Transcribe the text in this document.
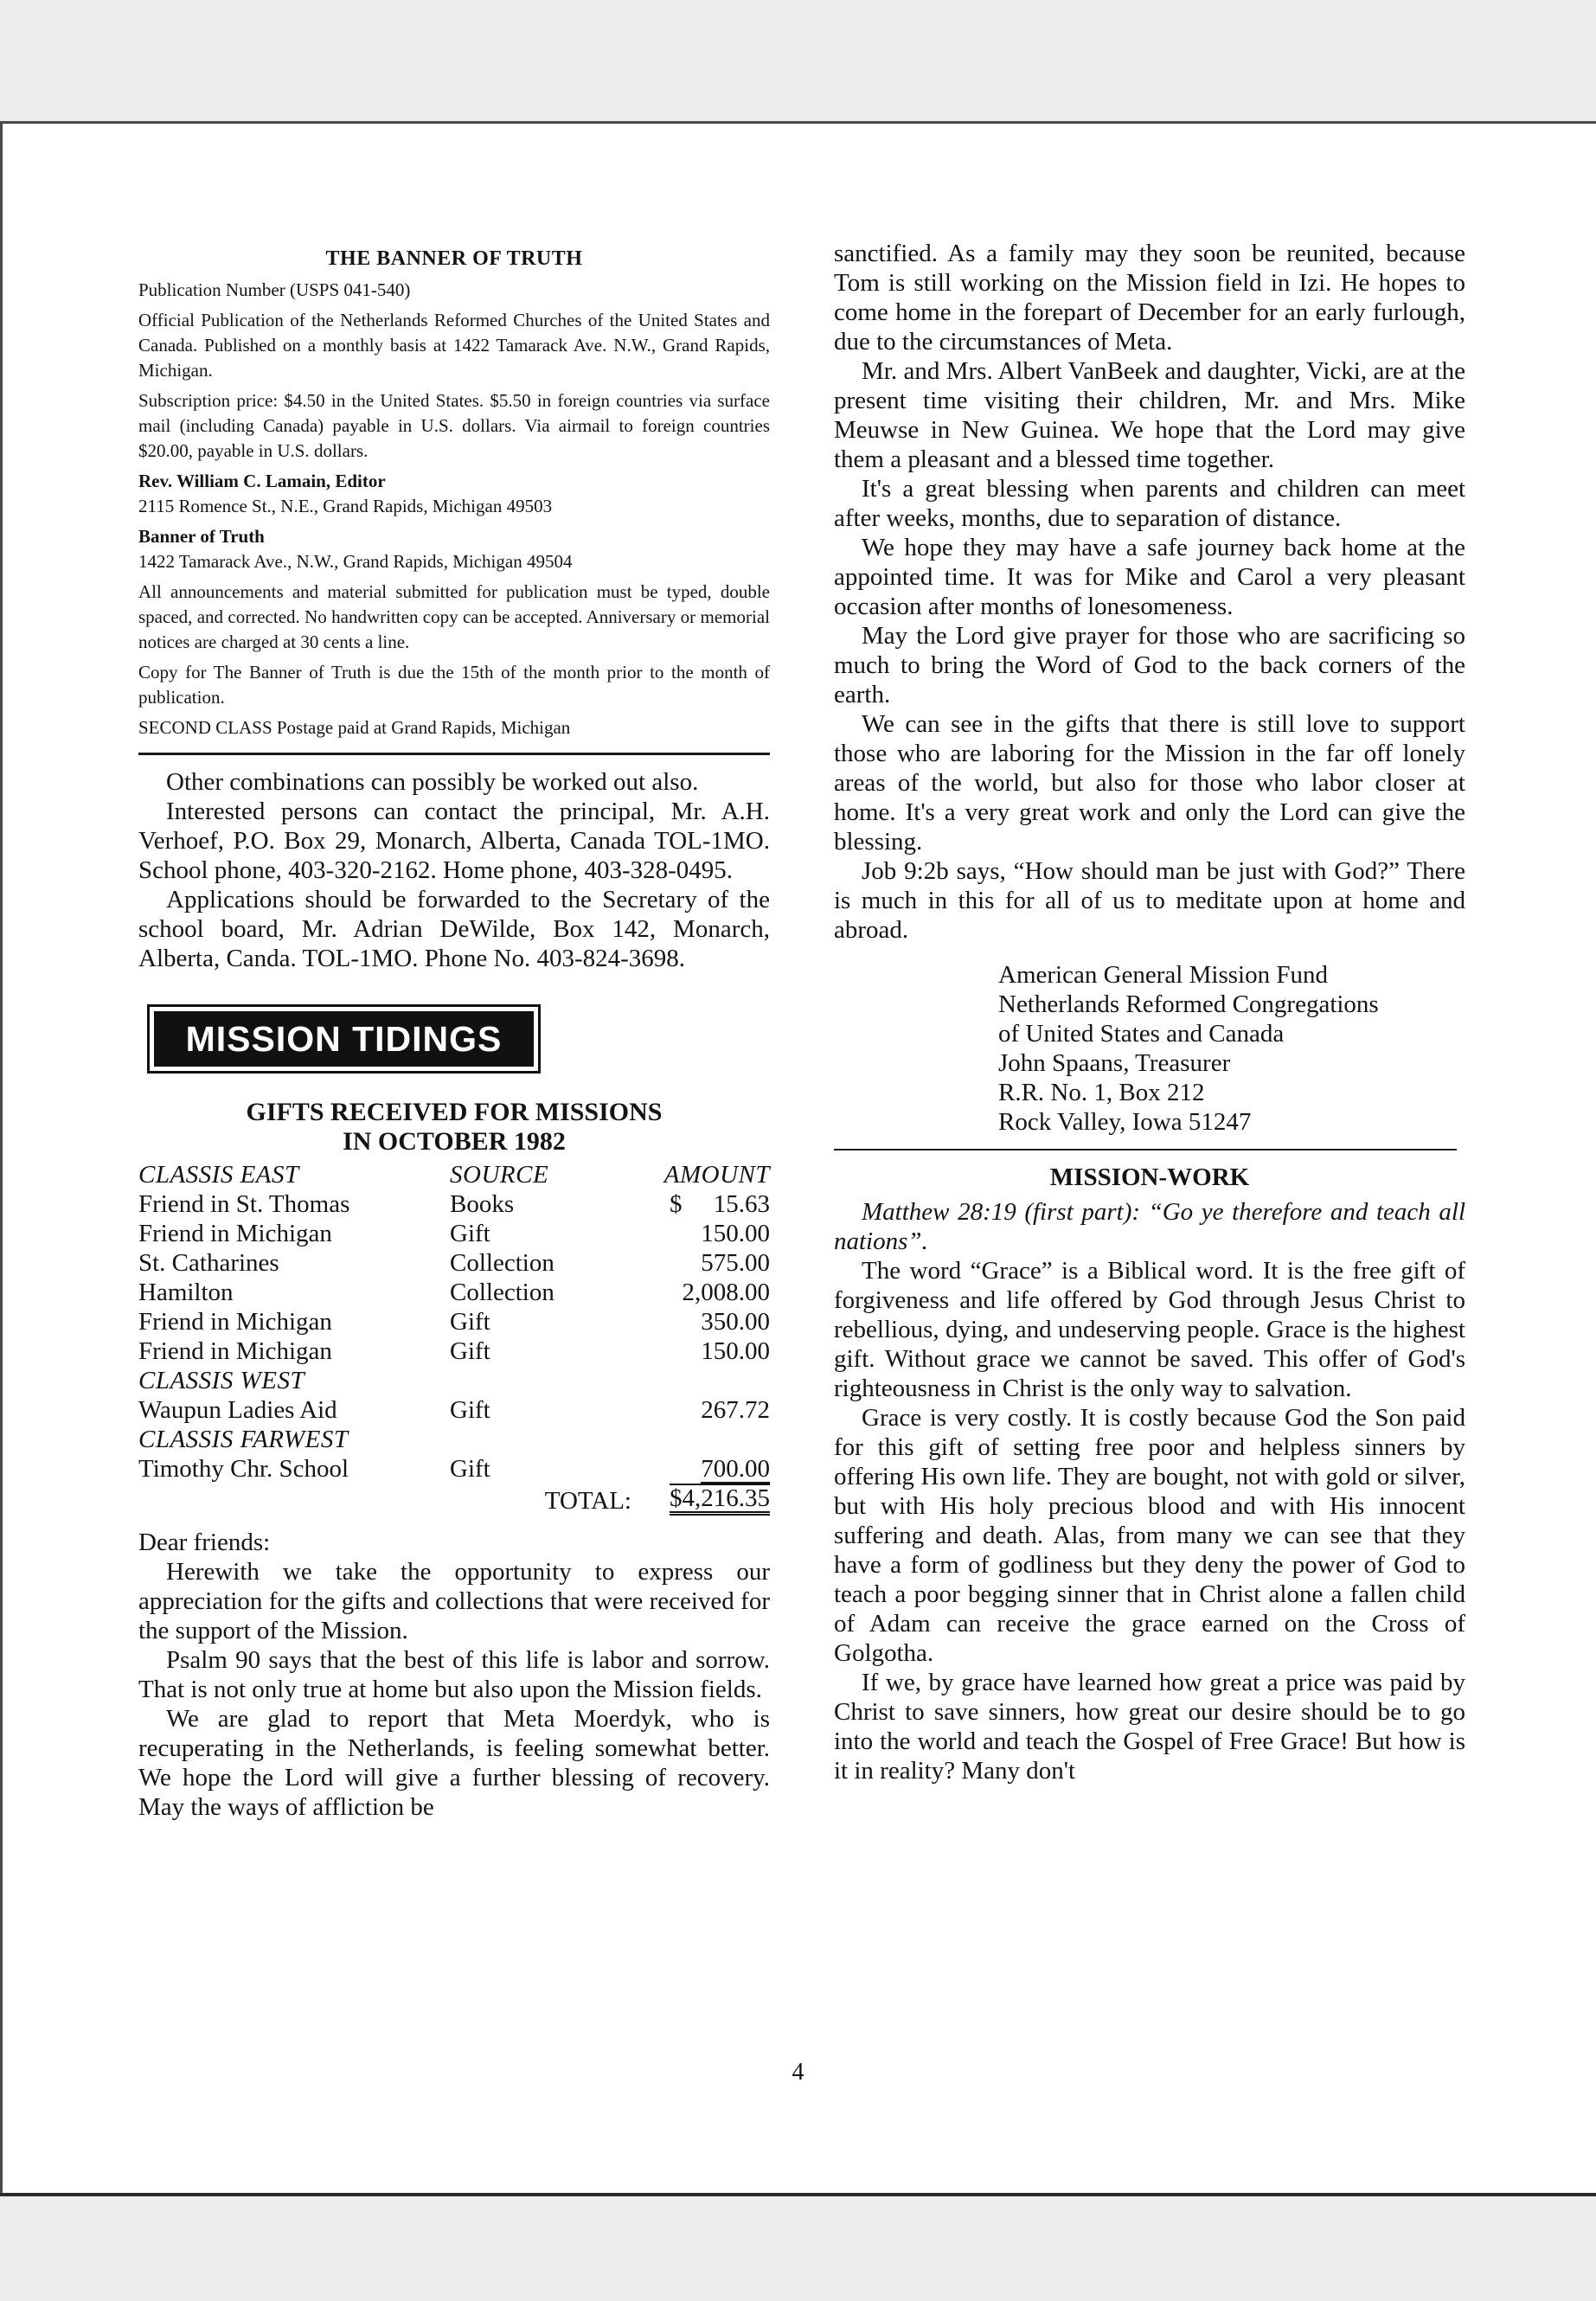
THE BANNER OF TRUTH

Publication Number (USPS 041-540)

Official Publication of the Netherlands Reformed Churches of the United States and Canada. Published on a monthly basis at 1422 Tamarack Ave. N.W., Grand Rapids, Michigan.

Subscription price: $4.50 in the United States. $5.50 in foreign countries via surface mail (including Canada) payable in U.S. dollars. Via airmail to foreign countries $20.00, payable in U.S. dollars.

Rev. William C. Lamain, Editor

2115 Romence St., N.E., Grand Rapids, Michigan 49503

Banner of Truth

1422 Tamarack Ave., N.W., Grand Rapids, Michigan 49504

All announcements and material submitted for publication must be typed, double spaced, and corrected. No handwritten copy can be accepted. Anniversary or memorial notices are charged at 30 cents a line.

Copy for The Banner of Truth is due the 15th of the month prior to the month of publication.

SECOND CLASS Postage paid at Grand Rapids, Michigan

Other combinations can possibly be worked out also.

Interested persons can contact the principal, Mr. A.H. Verhoef, P.O. Box 29, Monarch, Alberta, Canada TOL-1MO. School phone, 403-320-2162. Home phone, 403-328-0495.

Applications should be forwarded to the Secretary of the school board, Mr. Adrian DeWilde, Box 142, Monarch, Alberta, Canda. TOL-1MO. Phone No. 403-824-3698.

MISSION TIDINGS
GIFTS RECEIVED FOR MISSIONS
IN OCTOBER 1982
CLASSIS EAST	SOURCE	AMOUNT
Friend in St. Thomas	Books	$ 15.63
Friend in Michigan	Gift	150.00
St. Catharines	Collection	575.00
Hamilton	Collection	2,008.00
Friend in Michigan	Gift	350.00
Friend in Michigan	Gift	150.00
CLASSIS WEST		
Waupun Ladies Aid	Gift	267.72
CLASSIS FARWEST		
Timothy Chr. School	Gift	700.00
	TOTAL:	$4,216.35

Dear friends:

Herewith we take the opportunity to express our appreciation for the gifts and collections that were received for the support of the Mission.

Psalm 90 says that the best of this life is labor and sorrow. That is not only true at home but also upon the Mission fields.

We are glad to report that Meta Moerdyk, who is recuperating in the Netherlands, is feeling somewhat better. We hope the Lord will give a further blessing of recovery. May the ways of affliction be

sanctified. As a family may they soon be reunited, because Tom is still working on the Mission field in Izi. He hopes to come home in the forepart of December for an early furlough, due to the circumstances of Meta.

Mr. and Mrs. Albert VanBeek and daughter, Vicki, are at the present time visiting their children, Mr. and Mrs. Mike Meuwse in New Guinea. We hope that the Lord may give them a pleasant and a blessed time together.

It's a great blessing when parents and children can meet after weeks, months, due to separation of distance.

We hope they may have a safe journey back home at the appointed time. It was for Mike and Carol a very pleasant occasion after months of lonesomeness.

May the Lord give prayer for those who are sacrificing so much to bring the Word of God to the back corners of the earth.

We can see in the gifts that there is still love to support those who are laboring for the Mission in the far off lonely areas of the world, but also for those who labor closer at home. It's a very great work and only the Lord can give the blessing.

Job 9:2b says, “How should man be just with God?” There is much in this for all of us to meditate upon at home and abroad.

American General Mission Fund
Netherlands Reformed Congregations
of United States and Canada
John Spaans, Treasurer
R.R. No. 1, Box 212
Rock Valley, Iowa 51247
MISSION-WORK

Matthew 28:19 (first part): “Go ye therefore and teach all nations”.

The word “Grace” is a Biblical word. It is the free gift of forgiveness and life offered by God through Jesus Christ to rebellious, dying, and undeserving people. Grace is the highest gift. Without grace we cannot be saved. This offer of God's righteousness in Christ is the only way to salvation.

Grace is very costly. It is costly because God the Son paid for this gift of setting free poor and helpless sinners by offering His own life. They are bought, not with gold or silver, but with His holy precious blood and with His innocent suffering and death. Alas, from many we can see that they have a form of godliness but they deny the power of God to teach a poor begging sinner that in Christ alone a fallen child of Adam can receive the grace earned on the Cross of Golgotha.

If we, by grace have learned how great a price was paid by Christ to save sinners, how great our desire should be to go into the world and teach the Gospel of Free Grace! But how is it in reality? Many don't

4
